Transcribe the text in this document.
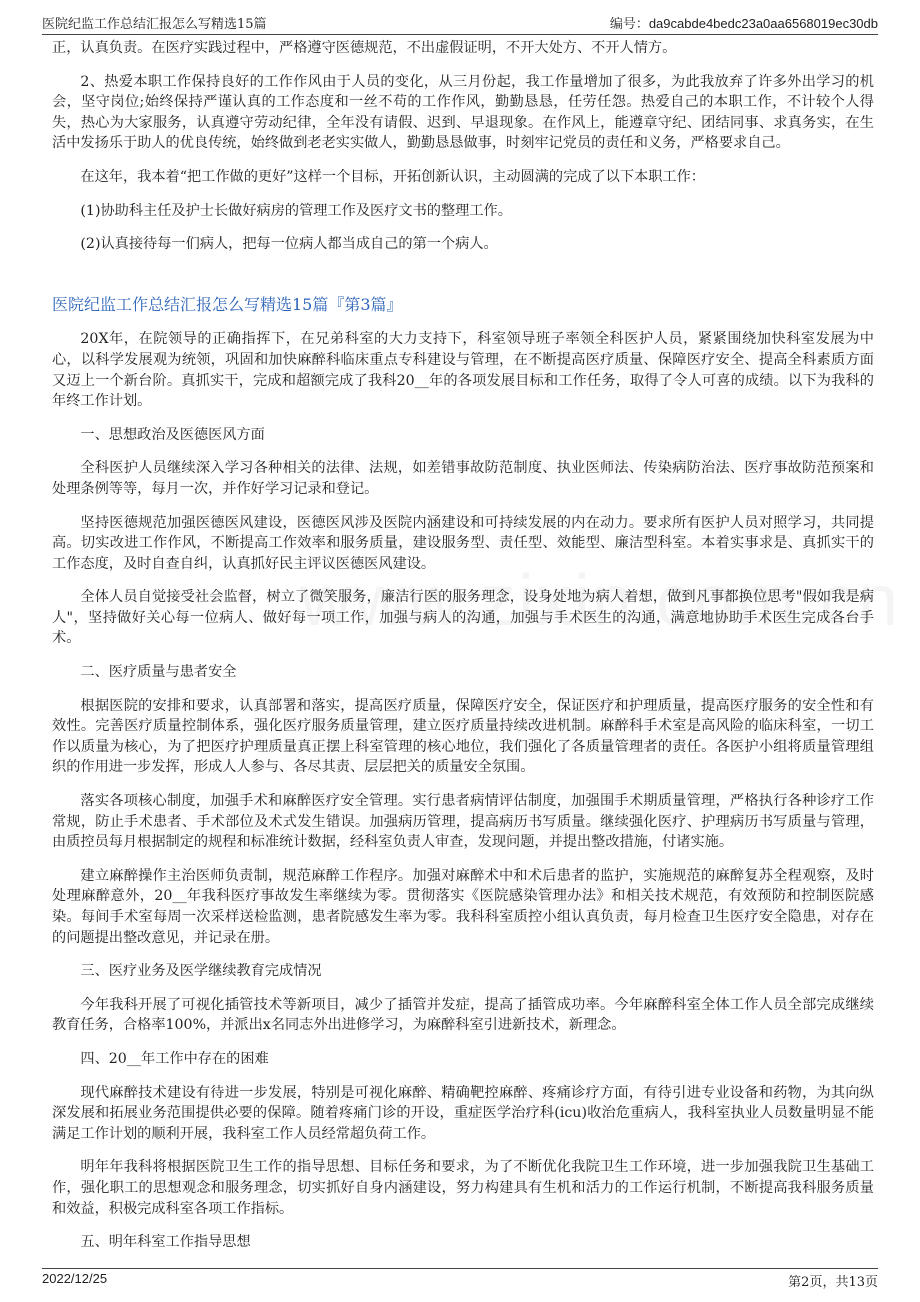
医院纪监工作总结汇报怎么写精选15篇	编号：da9cabde4bedc23a0aa6568019ec30db

正，认真负责。在医疗实践过程中，严格遵守医德规范，不出虚假证明，不开大处方、不开人情方。

2、热爱本职工作保持良好的工作作风由于人员的变化，从三月份起，我工作量增加了很多，为此我放弃了许多外出学习的机会，坚守岗位;始终保持严谨认真的工作态度和一丝不苟的工作作风，勤勤恳恳，任劳任怨。热爱自己的本职工作，不计较个人得失，热心为大家服务，认真遵守劳动纪律，全年没有请假、迟到、早退现象。在作风上，能遵章守纪、团结同事、求真务实，在生活中发扬乐于助人的优良传统，始终做到老老实实做人，勤勤恳恳做事，时刻牢记党员的责任和义务，严格要求自己。

在这年，我本着“把工作做的更好”这样一个目标，开拓创新认识，主动圆满的完成了以下本职工作：

(1)协助科主任及护士长做好病房的管理工作及医疗文书的整理工作。

(2)认真接待每一们病人，把每一位病人都当成自己的第一个病人。

医院纪监工作总结汇报怎么写精选15篇『第3篇』

20X年，在院领导的正确指挥下，在兄弟科室的大力支持下，科室领导班子率领全科医护人员，紧紧围绕加快科室发展为中心，以科学发展观为统领，巩固和加快麻醉科临床重点专科建设与管理，在不断提高医疗质量、保障医疗安全、提高全科素质方面又迈上一个新台阶。真抓实干，完成和超额完成了我科20__年的各项发展目标和工作任务，取得了令人可喜的成绩。以下为我科的年终工作计划。

一、思想政治及医德医风方面

全科医护人员继续深入学习各种相关的法律、法规，如差错事故防范制度、执业医师法、传染病防治法、医疗事故防范预案和处理条例等等，每月一次，并作好学习记录和登记。

坚持医德规范加强医德医风建设，医德医风涉及医院内涵建设和可持续发展的内在动力。要求所有医护人员对照学习，共同提高。切实改进工作作风，不断提高工作效率和服务质量，建设服务型、责任型、效能型、廉洁型科室。本着实事求是、真抓实干的工作态度，及时自查自纠，认真抓好民主评议医德医风建设。

全体人员自觉接受社会监督，树立了微笑服务，廉洁行医的服务理念，设身处地为病人着想，做到凡事都换位思考"假如我是病人"，坚持做好关心每一位病人、做好每一项工作，加强与病人的沟通，加强与手术医生的沟通，满意地协助手术医生完成各台手术。

二、医疗质量与患者安全

根据医院的安排和要求，认真部署和落实，提高医疗质量，保障医疗安全，保证医疗和护理质量，提高医疗服务的安全性和有效性。完善医疗质量控制体系，强化医疗服务质量管理，建立医疗质量持续改进机制。麻醉科手术室是高风险的临床科室，一切工作以质量为核心，为了把医疗护理质量真正摆上科室管理的核心地位，我们强化了各质量管理者的责任。各医护小组将质量管理组织的作用进一步发挥，形成人人参与、各尽其责、层层把关的质量安全氛围。

落实各项核心制度，加强手术和麻醉医疗安全管理。实行患者病情评估制度，加强围手术期质量管理，严格执行各种诊疗工作常规，防止手术患者、手术部位及术式发生错误。加强病历管理，提高病历书写质量。继续强化医疗、护理病历书写质量与管理，由质控员每月根据制定的规程和标准统计数据，经科室负责人审查，发现问题，并提出整改措施，付诸实施。

建立麻醉操作主治医师负责制，规范麻醉工作程序。加强对麻醉术中和术后患者的监护，实施规范的麻醉复苏全程观察，及时处理麻醉意外，20__年我科医疗事故发生率继续为零。贯彻落实《医院感染管理办法》和相关技术规范，有效预防和控制医院感染。每间手术室每周一次采样送检监测，患者院感发生率为零。我科科室质控小组认真负责，每月检查卫生医疗安全隐患，对存在的问题提出整改意见，并记录在册。

三、医疗业务及医学继续教育完成情况

今年我科开展了可视化插管技术等新项目，减少了插管并发症，提高了插管成功率。今年麻醉科室全体工作人员全部完成继续教育任务，合格率100%，并派出x名同志外出进修学习，为麻醉科室引进新技术，新理念。

四、20__年工作中存在的困难

现代麻醉技术建设有待进一步发展，特别是可视化麻醉、精确靶控麻醉、疼痛诊疗方面，有待引进专业设备和药物，为其向纵深发展和拓展业务范围提供必要的保障。随着疼痛门诊的开设，重症医学治疗科(icu)收治危重病人，我科室执业人员数量明显不能满足工作计划的顺利开展，我科室工作人员经常超负荷工作。

明年年我科将根据医院卫生工作的指导思想、目标任务和要求，为了不断优化我院卫生工作环境，进一步加强我院卫生基础工作，强化职工的思想观念和服务理念，切实抓好自身内涵建设，努力构建具有生机和活力的工作运行机制，不断提高我科服务质量和效益，积极完成科室各项工作指标。

五、明年科室工作指导思想

2022/12/25	第2页，共13页
